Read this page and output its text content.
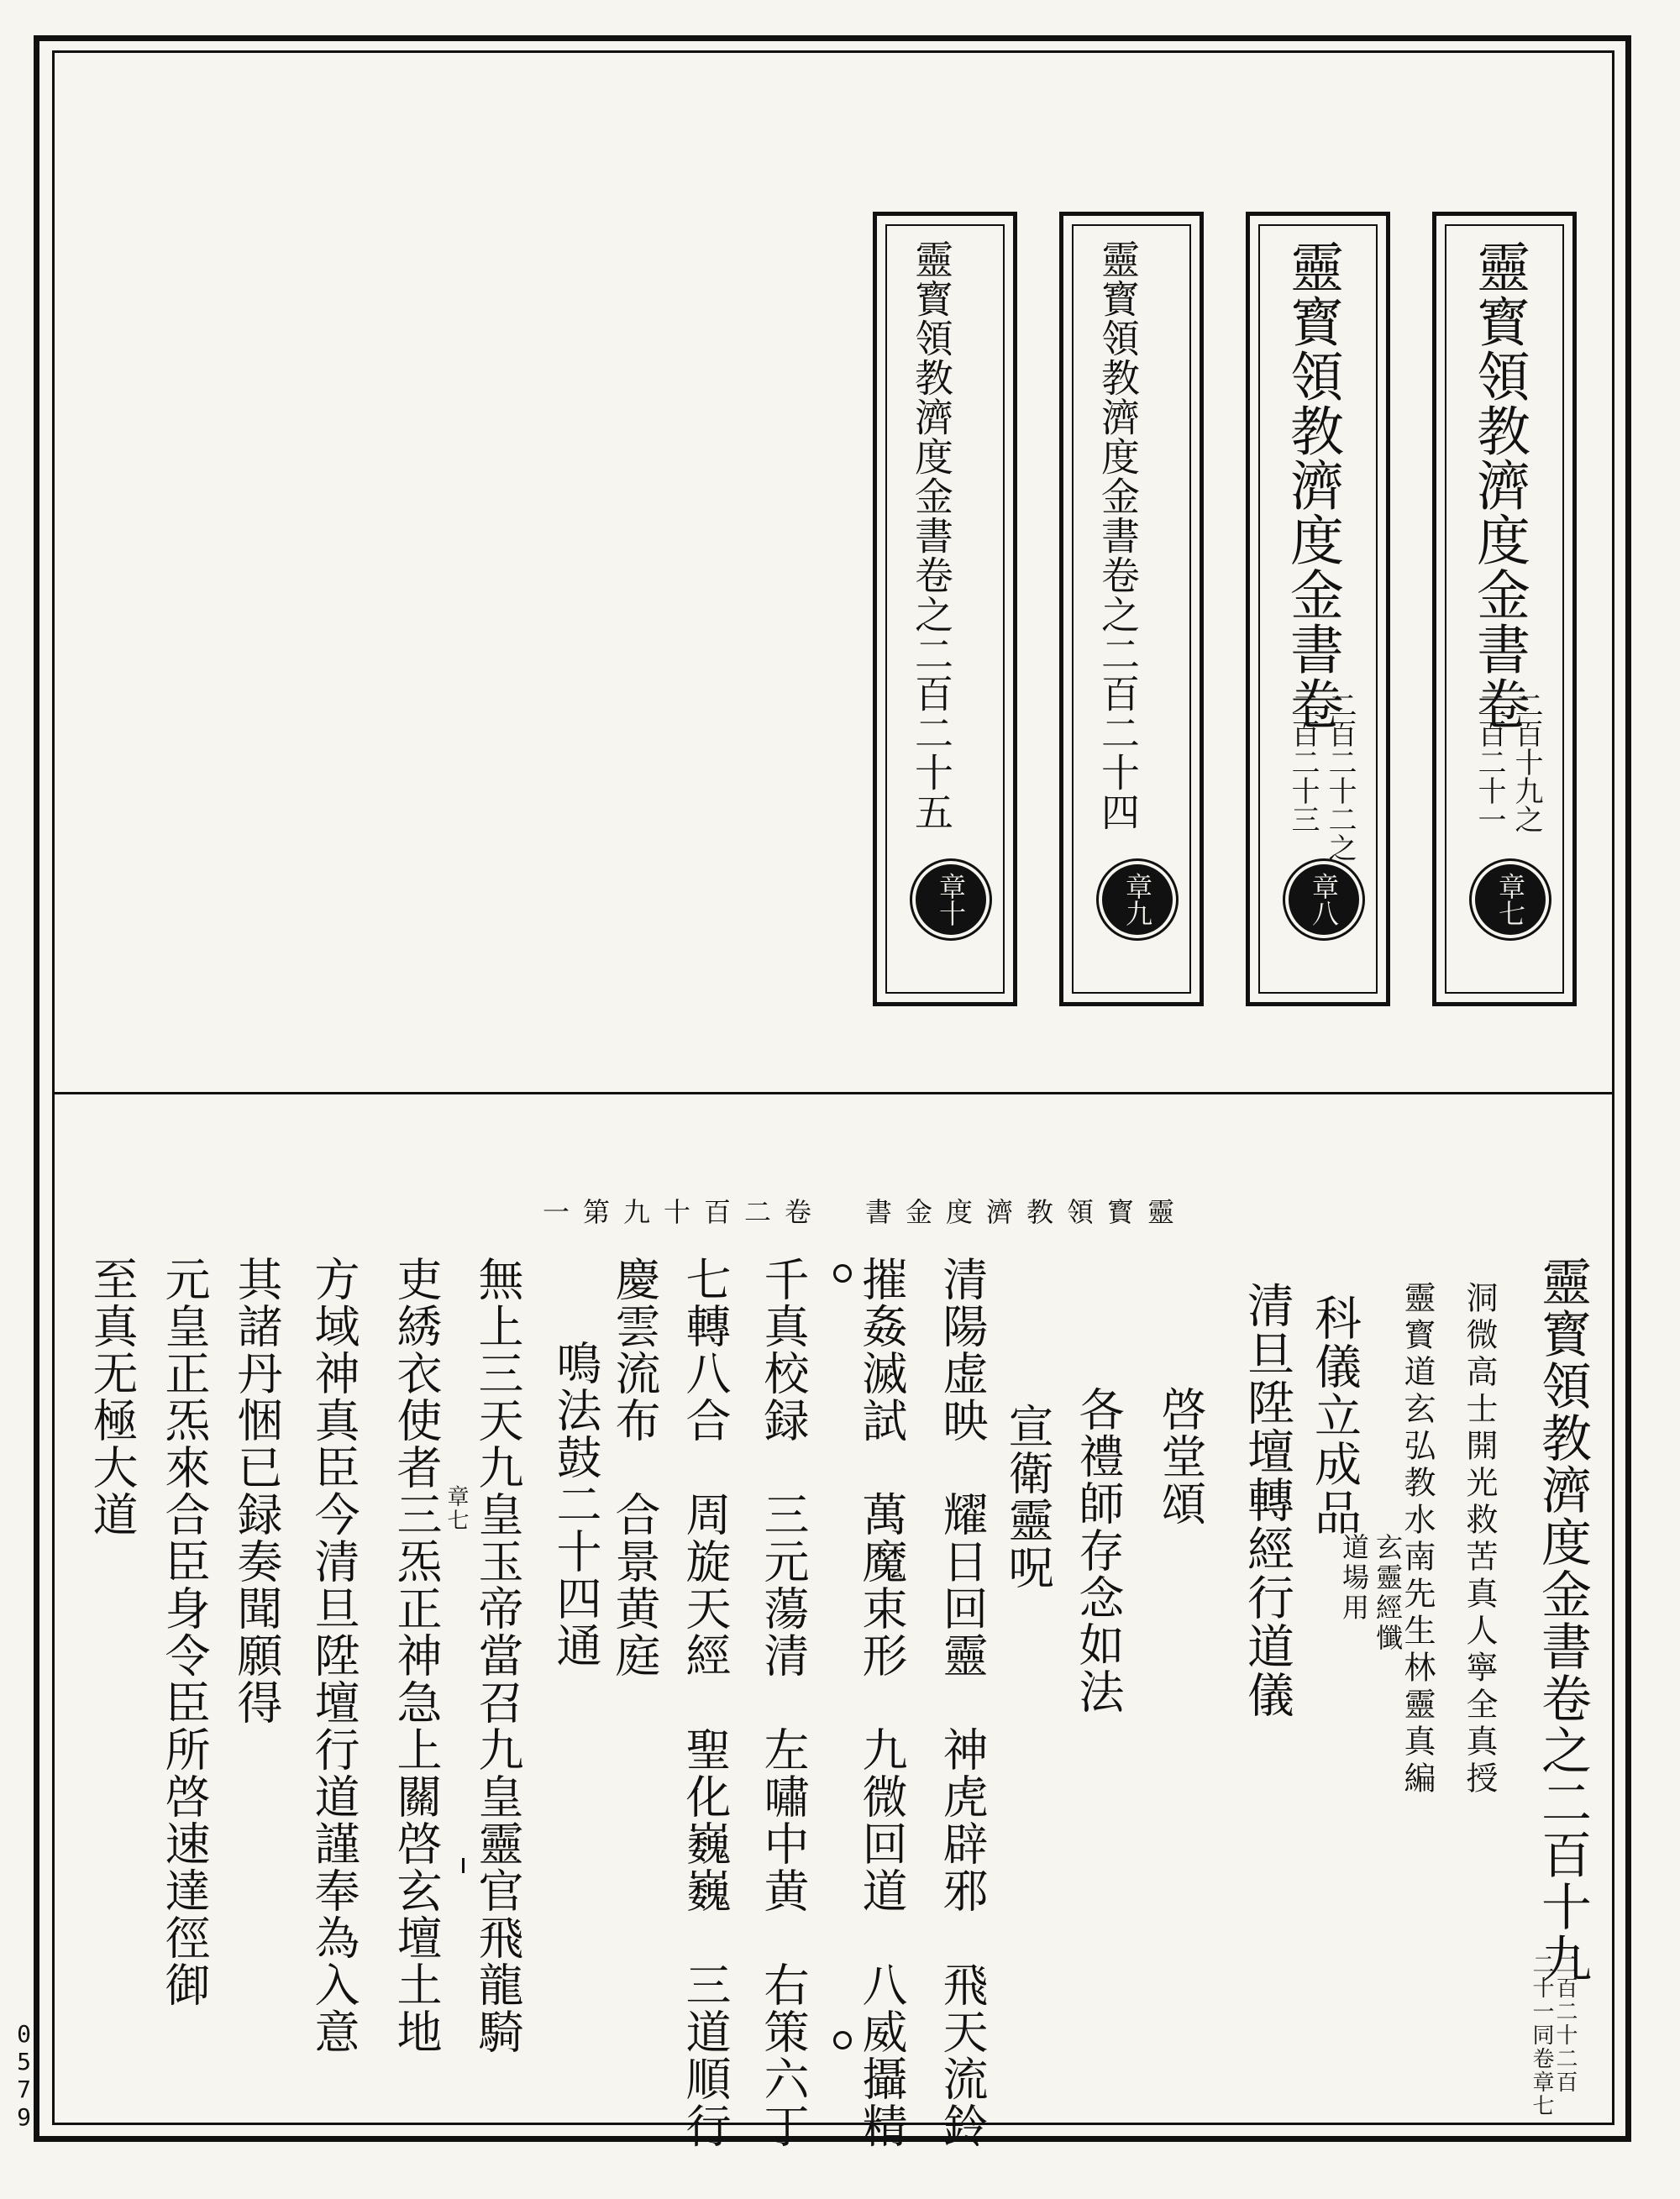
靈寳領教濟度金書卷
二百十九之
二百二十一
章七
靈寳領教濟度金書卷
二百二十二之
二百二十三
章八
靈寳領教濟度金書卷之二百二十四
章九
靈寳領教濟度金書卷之二百二十五
章十
一第九十百二卷　書金度濟教領寳靈
靈寳領教濟度金書卷之二百十九
二百二十二百
二十一同卷章七
洞微高士開光救苦真人寧全真授
靈寳道玄弘教水南先生林靈真編
清旦陞壇轉經行道儀 科儀立成品
玄靈經懺
道場用
啓堂頌
各禮師存念如法
宣衛靈呪
清陽虚映　耀日回靈　神虎辟邪　飛天流鈴
摧姦滅試　萬魔束形　九微回道　八威攝精
千真校録　三元蕩清　左嘯中黄　右策六丁
七轉八合　周旋天經　聖化巍巍　三道順行
慶雲流布　合景黄庭
鳴法鼓二十四通
無上三天九皇玉帝當召九皇靈官飛龍騎
章七
吏綉衣使者三炁正神急上關啓玄壇土地
方域神真臣今清旦陞壇行道謹奉為入意
其諸丹悃已録奏聞願得
元皇正炁來合臣身令臣所啓速達徑御
至真无極大道
0579
